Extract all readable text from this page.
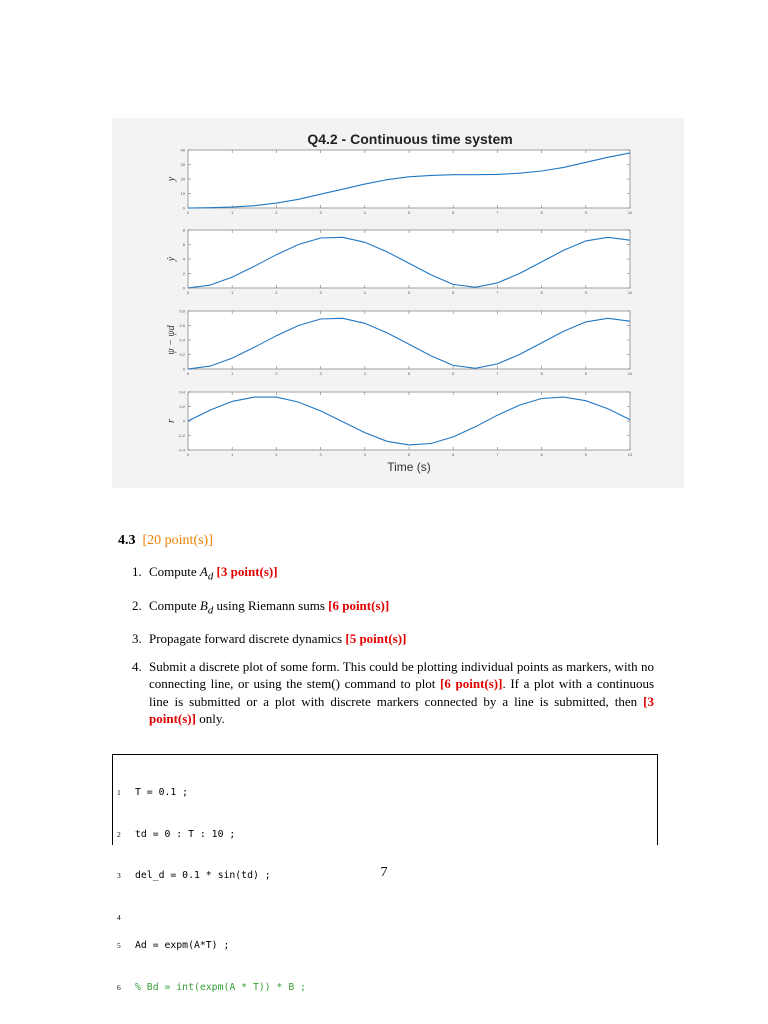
Q4.2 - Continuous time system
0	1	2	3	4	5	6	7	8	9	10
0
10
20
30
40
y
0	1	2	3	4	5	6	7	8	9	10
0
2
4
6
8
ẏ
0	1	2	3	4	5	6	7	8	9	10
0
0.2
0.4
0.6
0.8
ψ − ψd
0	1	2	3	4	5	6	7	8	9	10
-0.4
-0.2
0
0.2
0.4
r
Time (s)
4.3 [20 point(s)]
1. Compute $A_d$ [3 point(s)]
2. Compute $B_d$ using Riemann sums [6 point(s)]
3. Propagate forward discrete dynamics [5 point(s)]
4. Submit a discrete plot of some form. This could be plotting individual points as markers, with no connecting line, or using the stem() command to plot [6 point(s)]. If a plot with a continuous line is submitted or a plot with discrete markers connected by a line is submitted, then [3 point(s)] only.

1 T = 0.1 ;

2 td = 0 : T : 10 ;

3 del_d = 0.1 * sin(td) ;

4

5 Ad = expm(A*T) ;

6 % Bd = int(expm(A * T)) * B ;

7
